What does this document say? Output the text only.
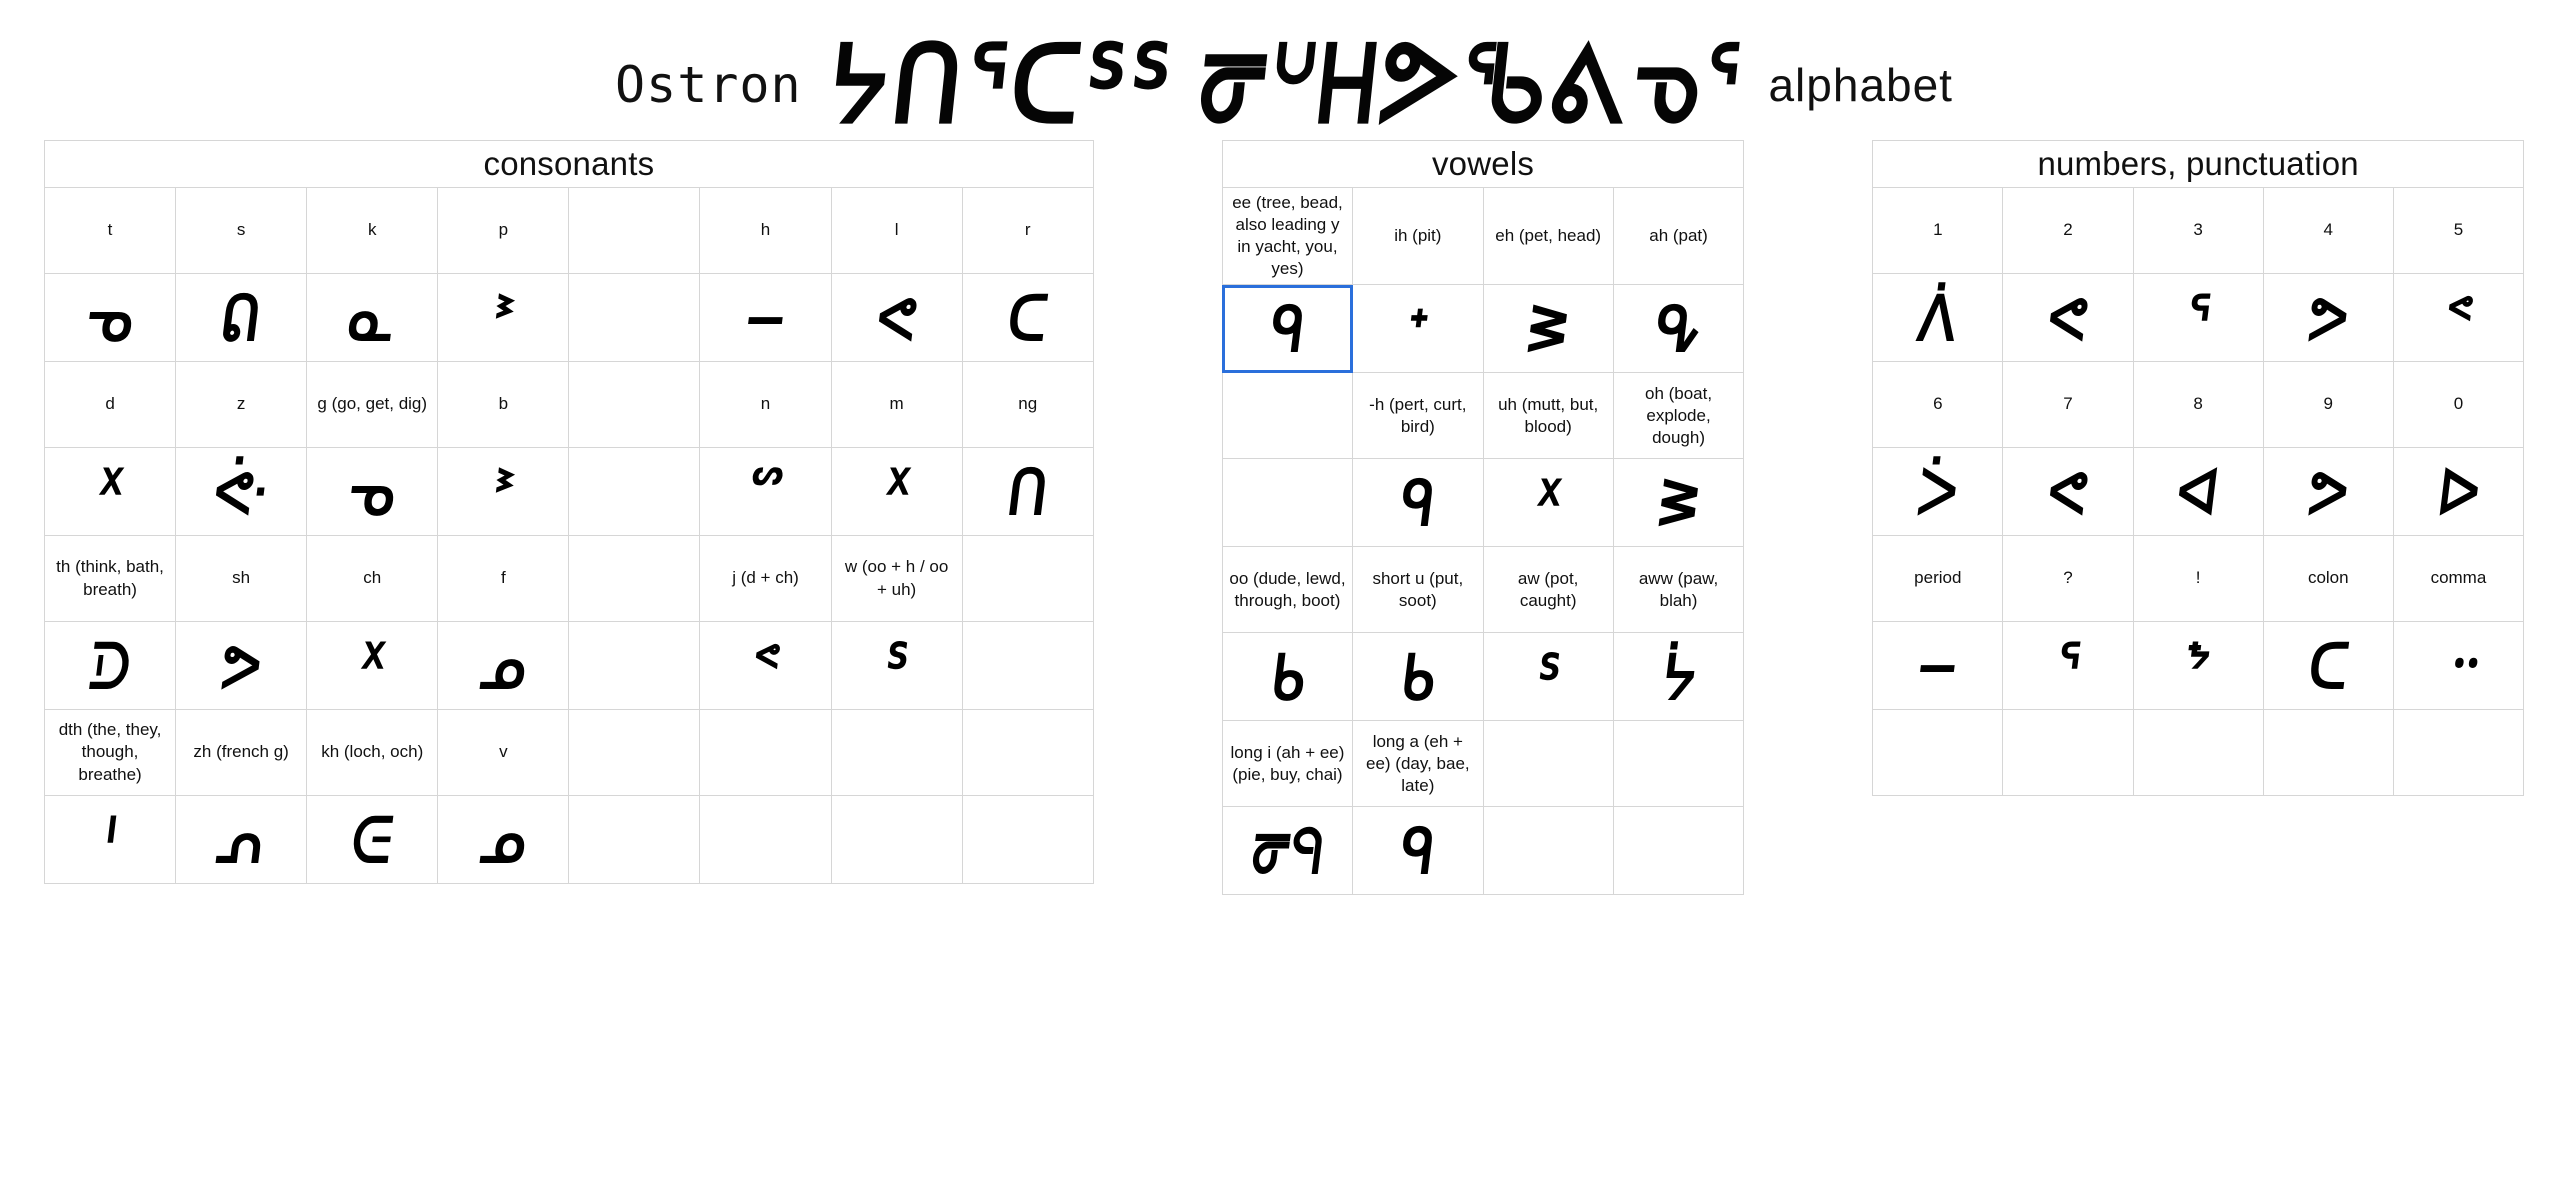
Ostron ᔭᑎᕐᑕ᠋ᔆᔆ ᖜᓑᕼᕗᖃᕕᓀᕐ alphabet
consonants							
t	s	k	p		h	l	r
ᓀ	ᕠ	ᓇ	ᕑ		−	ᕙ	ᑕ
d	z	g (go, get, dig)	b		n	m	ng
ᕁ	ᕜ	ᓀ	ᕑ		ᔥ	ᕽ	ᑎ
th (think, bath, breath)	sh	ch	f		j (d + ch)	w (oo + h / oo + uh)	
ᑓ	ᕗ	ᕁ	ᓄ		ᕝ	ᔆ	
dth (the, they, though, breathe)	zh (french g)	kh (loch, och)	v				
ᑊ	ᕄ	ᕮ	ᓄ				
vowels			
ee (tree, bead, also leading y in yacht, you, yes)	ih (pit)	eh (pet, head)	ah (pat)
ᑫ	ᕀ	ᕒ	ᕴ
	-h (pert, curt, bird)	uh (mutt, but, blood)	oh (boat, explode, dough)
	ᑫ	ᕁ	ᕒ
oo (dude, lewd, through, boot)	short u (put, soot)	aw (pot, caught)	aww (paw, blah)
ᑲ	ᑲ	ᔆ	ᔮ
long i (ah + ee) (pie, buy, chai)	long a (eh + ee) (day, bae, late)		
ᖜᑫ	ᑫ		
numbers, punctuation				
1	2	3	4	5
ᐲ	ᕙ	ᕐ	ᕗ	ᕝ
6	7	8	9	0
ᐴ	ᕙ	ᐊ	ᕗ	ᐅ
period	?	!	colon	comma
−	ᕐ	ᖮ	ᑕ	᠃
